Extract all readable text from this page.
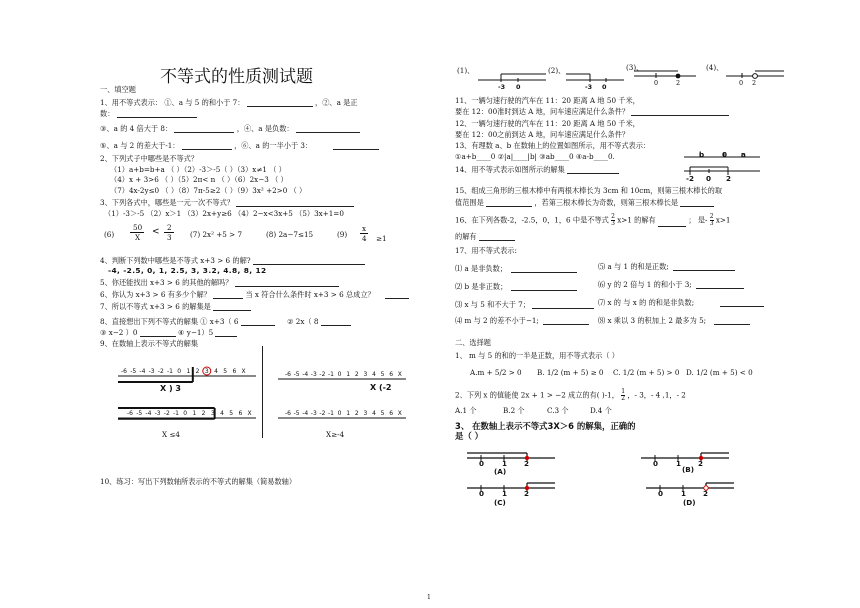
不等式的性质测试题
一、填空题
1、用不等式表示： ①、a 与 5 的和小于 7：	，②、a 是正
数：
③、a 的 4 倍大于 8：	，④、a 是负数：
⑤、a 与 2 的差大于-1：	，⑥、a 的一半小于 3：
2、下列式子中哪些是不等式？
（1）a+b=b+a （ ）（2）-3＞-5（ ）（3）x≠1 （ ）
（4）x + 3>6 （ ）（5）2π< n （ ）（6）2x−3 （ ）
（7）4x-2y≤0 （ ）（8）7π-5≥2（ ）（9）3x² +2>0 （ ）
3、下列各式中，哪些是一元一次不等式？
（1）-3＞-5 （2）x＞1 （3）2x+y≥6 （4）2−x<3x+5 （5）3x+1=0
(6)
50
X
< 2
3	(7) 2x² +5 > 7	(8) 2a−7≤15	(9)
x
4 ≥1
4、判断下列数中哪些是不等式 x+3 > 6 的解?
-4, -2.5, 0, 1, 2.5, 3, 3.2, 4.8, 8, 12
5、你还能找出 x+3 > 6 的其他的解吗？
6、你认为 x+3 > 6 有多少个解？	当 x 符合什么条件时 x+3 > 6 总成立？
7、所以不等式 x+3 > 6 的解集是
8、直接想出下列不等式的解集 ① x+3（ 6	② 2x（ 8
③ x−2 ）0	④ y−1）5
9、在数轴上表示不等式的解集
-6 -5 -4 -3 -2 -1 0 1 2 3 4 5 6 X
X ) 3
-6 -5 -4 -3 -2 -1 0 1 2 3 4 5 6 X
X (-2
-6 -5 -4 -3 -2 -1 0 1 2 3 4 5 6 X
X ≤4
-6 -5 -4 -3 -2 -1 0 1 2 3 4 5 6 X
X≥-4
10、练习：写出下列数轴所表示的不等式的解集（简易数轴）
(1)、
-3 0
(2)、
-3 0
(3)、
0	2
(4)、
0 2
11、一辆匀速行驶的汽车在 11：20 距离 A 地 50 千米，
要在 12：00准时到达 A 地，问车速应满足什么条件？
12、一辆匀速行驶的汽车在 11：20 距离 A 地 50 千米，
要在 12：00之前到达 A 地，问车速应满足什么条件？
13、有理数 a、b 在数轴上的位置如图所示，用不等式表示：
①a+b____0 ②|a|____|b| ③ab____0 ④a-b____0.	b 0 a
-2 0 2
14、用不等式表示如图所示的解集
15、组成三角形的三根木棒中有两根木棒长为 3cm 和 10cm，则第三根木棒长的取
值范围是	，若第三根木棒长为奇数，则第三根木棒长是
16、在下列各数-2，-2.5，0，1，6 中是不等式 $\frac{2}{3} x>1$ 的解有	； 是- $\frac{2}{3} x>1$
的解有
17、用不等式表示:
⑴ a 是非负数；	⑸ a 与 1 的和是正数;
⑵ b 是非正数；	⑹ y 的 2 倍与 1 的和小于 3;
⑶ x 与 5 和不大于 7；	⑺ x 的 与 x 的 的和是非负数;
⑷ m 与 2 的差不小于−1;	⑻ x 乘以 3 的积加上 2 最多为 5;
二、选择题
1、 m 与 5 的和的一半是正数，用不等式表示（ ）
A.m + 5/2 > 0 B. 1/2 (m + 5) ≥ 0 C. 1/2 (m + 5) > 0 D. 1/2 (m + 5) < 0
2、下列 x 的值能使 2x + 1 > −2 成立的有( )-1， $\frac{1}{2}$ ，- 3，- 4 ,1，- 2
A.1 个	B.2 个	C.3 个	D.4 个
3、 在数轴上表示不等式3X＞6 的解集，正确的
是（ ）
0 1 2
(A)
0 1 2
(B)
0 1 2
(C)
0 1 2
(D)
1
